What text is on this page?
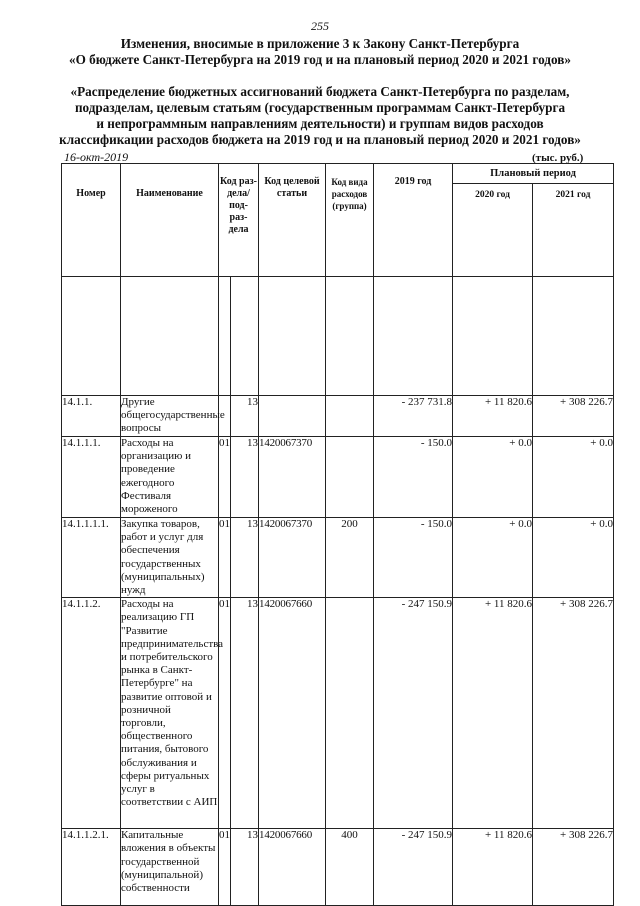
255
Изменения, вносимые в приложение 3 к Закону Санкт-Петербурга
«О бюджете Санкт-Петербурга на 2019 год и на плановый период 2020 и 2021 годов»
«Распределение бюджетных ассигнований бюджета Санкт-Петербурга по разделам,
подразделам, целевым статьям (государственным программам Санкт-Петербурга
и непрограммным направлениям деятельности) и группам видов расходов
классификации расходов бюджета на 2019 год и на плановый период 2020 и 2021 годов»
16-окт-2019	(тыс. руб.)
Номер	Наименование	Код раз- дела/ под- раз- дела		Код целевой статьи	Код вида расходов (группа)	2019 год	Плановый период	
							2020 год	2021 год

14.1.1.	Другие общегосударственные вопросы		13			- 237 731.8	+ 11 820.6	+ 308 226.7
14.1.1.1.	Расходы на организацию и проведение ежегодного Фестиваля мороженого	01	13	1420067370		- 150.0	+ 0.0	+ 0.0
14.1.1.1.1.	Закупка товаров, работ и услуг для обеспечения государственных (муниципальных) нужд	01	13	1420067370	200	- 150.0	+ 0.0	+ 0.0
14.1.1.2.	Расходы на реализацию ГП "Развитие предпринимательства и потребительского рынка в Санкт-Петербурге" на развитие оптовой и розничной торговли, общественного питания, бытового обслуживания и сферы ритуальных услуг в соответствии с АИП	01	13	1420067660		- 247 150.9	+ 11 820.6	+ 308 226.7
14.1.1.2.1.	Капитальные вложения в объекты государственной (муниципальной) собственности	01	13	1420067660	400	- 247 150.9	+ 11 820.6	+ 308 226.7
